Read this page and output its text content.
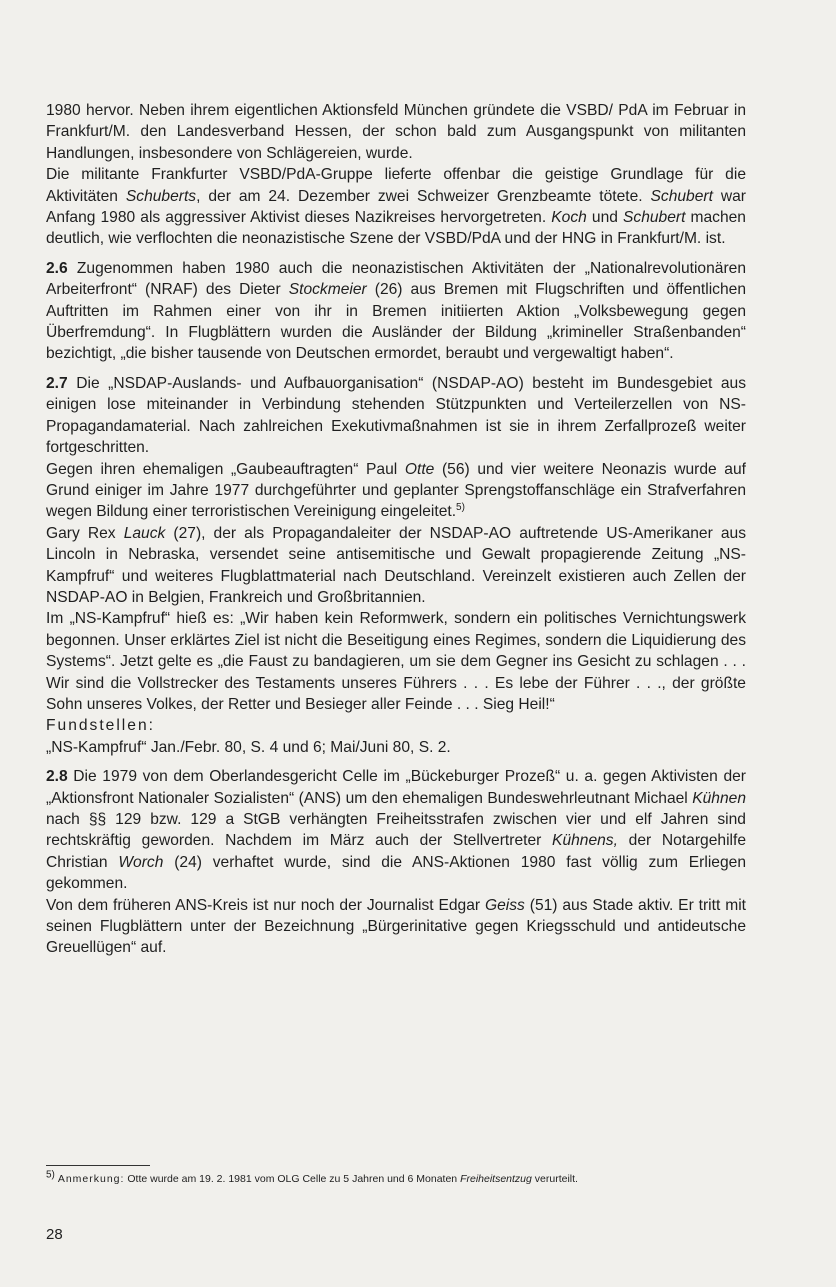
1980 hervor. Neben ihrem eigentlichen Aktionsfeld München gründete die VSBD/ PdA im Februar in Frankfurt/M. den Landesverband Hessen, der schon bald zum Ausgangspunkt von militanten Handlungen, insbesondere von Schlägereien, wurde.

Die militante Frankfurter VSBD/PdA-Gruppe lieferte offenbar die geistige Grundlage für die Aktivitäten Schuberts, der am 24. Dezember zwei Schweizer Grenzbeamte tötete. Schubert war Anfang 1980 als aggressiver Aktivist dieses Nazikreises hervorgetreten. Koch und Schubert machen deutlich, wie verflochten die neonazistische Szene der VSBD/PdA und der HNG in Frankfurt/M. ist.

2.6 Zugenommen haben 1980 auch die neonazistischen Aktivitäten der „Nationalrevolutionären Arbeiterfront“ (NRAF) des Dieter Stockmeier (26) aus Bremen mit Flugschriften und öffentlichen Auftritten im Rahmen einer von ihr in Bremen initiierten Aktion „Volksbewegung gegen Überfremdung“. In Flugblättern wurden die Ausländer der Bildung „krimineller Straßenbanden“ bezichtigt, „die bisher tausende von Deutschen ermordet, beraubt und vergewaltigt haben“.

2.7 Die „NSDAP-Auslands- und Aufbauorganisation“ (NSDAP-AO) besteht im Bundesgebiet aus einigen lose miteinander in Verbindung stehenden Stützpunkten und Verteilerzellen von NS-Propagandamaterial. Nach zahlreichen Exekutivmaßnahmen ist sie in ihrem Zerfallprozeß weiter fortgeschritten.

Gegen ihren ehemaligen „Gaubeauftragten“ Paul Otte (56) und vier weitere Neonazis wurde auf Grund einiger im Jahre 1977 durchgeführter und geplanter Sprengstoffanschläge ein Strafverfahren wegen Bildung einer terroristischen Vereinigung eingeleitet.$^{5)}$

Gary Rex Lauck (27), der als Propagandaleiter der NSDAP-AO auftretende US-Amerikaner aus Lincoln in Nebraska, versendet seine antisemitische und Gewalt propagierende Zeitung „NS-Kampfruf“ und weiteres Flugblattmaterial nach Deutschland. Vereinzelt existieren auch Zellen der NSDAP-AO in Belgien, Frankreich und Großbritannien.

Im „NS-Kampfruf“ hieß es: „Wir haben kein Reformwerk, sondern ein politisches Vernichtungswerk begonnen. Unser erklärtes Ziel ist nicht die Beseitigung eines Regimes, sondern die Liquidierung des Systems“. Jetzt gelte es „die Faust zu bandagieren, um sie dem Gegner ins Gesicht zu schlagen . . . Wir sind die Vollstrecker des Testaments unseres Führers . . . Es lebe der Führer . . ., der größte Sohn unseres Volkes, der Retter und Besieger aller Feinde . . . Sieg Heil!“

Fundstellen:

„NS-Kampfruf“ Jan./Febr. 80, S. 4 und 6; Mai/Juni 80, S. 2.

2.8 Die 1979 von dem Oberlandesgericht Celle im „Bückeburger Prozeß“ u. a. gegen Aktivisten der „Aktionsfront Nationaler Sozialisten“ (ANS) um den ehemaligen Bundeswehrleutnant Michael Kühnen nach §§ 129 bzw. 129 a StGB verhängten Freiheitsstrafen zwischen vier und elf Jahren sind rechtskräftig geworden. Nachdem im März auch der Stellvertreter Kühnens, der Notargehilfe Christian Worch (24) verhaftet wurde, sind die ANS-Aktionen 1980 fast völlig zum Erliegen gekommen.

Von dem früheren ANS-Kreis ist nur noch der Journalist Edgar Geiss (51) aus Stade aktiv. Er tritt mit seinen Flugblättern unter der Bezeichnung „Bürgerinitative gegen Kriegsschuld und antideutsche Greuellügen“ auf.

$^{5)}$ Anmerkung: Otte wurde am 19. 2. 1981 vom OLG Celle zu 5 Jahren und 6 Monaten Freiheitsentzug verurteilt.
28
